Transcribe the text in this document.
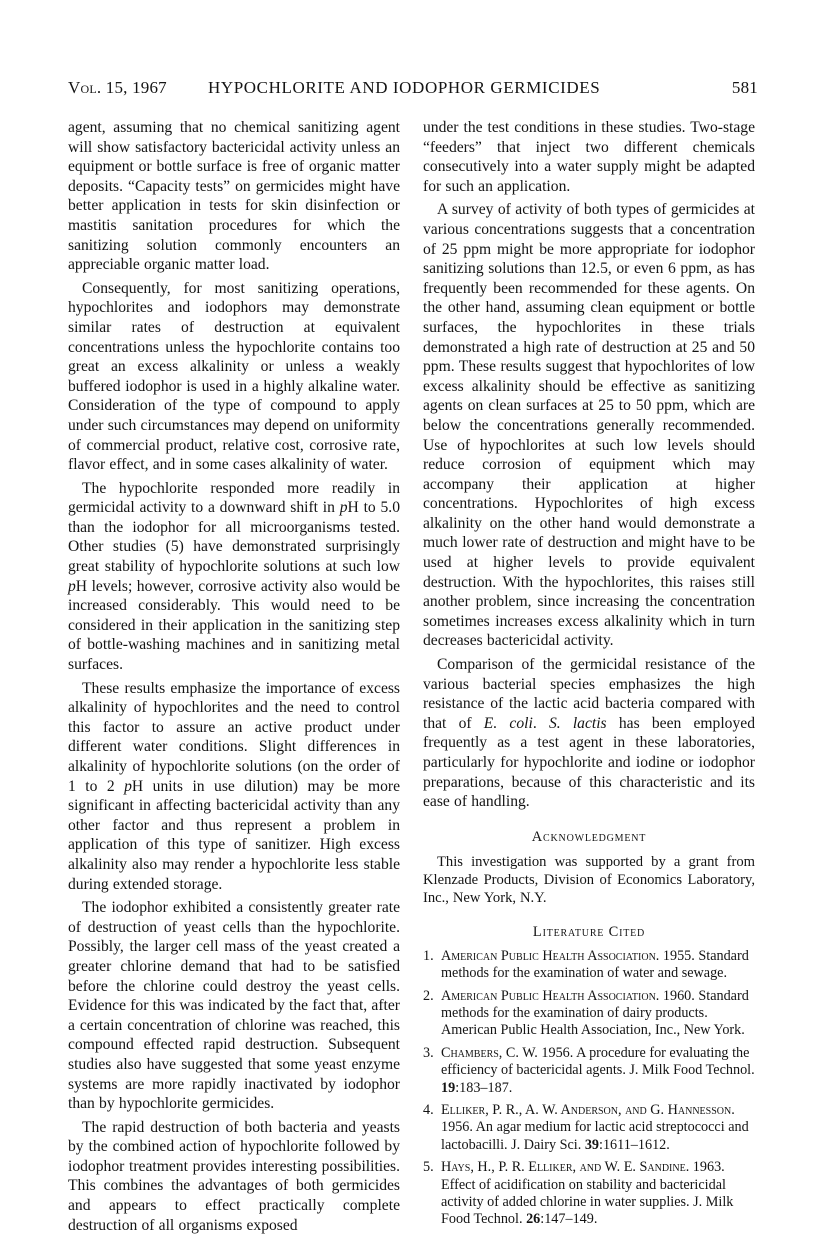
Vol. 15, 1967 HYPOCHLORITE AND IODOPHOR GERMICIDES	581

agent, assuming that no chemical sanitizing agent will show satisfactory bactericidal activity unless an equipment or bottle surface is free of organic matter deposits. “Capacity tests” on germicides might have better application in tests for skin disinfection or mastitis sanitation procedures for which the sanitizing solution commonly encounters an appreciable organic matter load.

Consequently, for most sanitizing operations, hypochlorites and iodophors may demonstrate similar rates of destruction at equivalent concentrations unless the hypochlorite contains too great an excess alkalinity or unless a weakly buffered iodophor is used in a highly alkaline water. Consideration of the type of compound to apply under such circumstances may depend on uniformity of commercial product, relative cost, corrosive rate, flavor effect, and in some cases alkalinity of water.

The hypochlorite responded more readily in germicidal activity to a downward shift in pH to 5.0 than the iodophor for all microorganisms tested. Other studies (5) have demonstrated surprisingly great stability of hypochlorite solutions at such low pH levels; however, corrosive activity also would be increased considerably. This would need to be considered in their application in the sanitizing step of bottle-washing machines and in sanitizing metal surfaces.

These results emphasize the importance of excess alkalinity of hypochlorites and the need to control this factor to assure an active product under different water conditions. Slight differences in alkalinity of hypochlorite solutions (on the order of 1 to 2 pH units in use dilution) may be more significant in affecting bactericidal activity than any other factor and thus represent a problem in application of this type of sanitizer. High excess alkalinity also may render a hypochlorite less stable during extended storage.

The iodophor exhibited a consistently greater rate of destruction of yeast cells than the hypochlorite. Possibly, the larger cell mass of the yeast created a greater chlorine demand that had to be satisfied before the chlorine could destroy the yeast cells. Evidence for this was indicated by the fact that, after a certain concentration of chlorine was reached, this compound effected rapid destruction. Subsequent studies also have suggested that some yeast enzyme systems are more rapidly inactivated by iodophor than by hypochlorite germicides.

The rapid destruction of both bacteria and yeasts by the combined action of hypochlorite followed by iodophor treatment provides interesting possibilities. This combines the advantages of both germicides and appears to effect practically complete destruction of all organisms exposed

under the test conditions in these studies. Two-stage “feeders” that inject two different chemicals consecutively into a water supply might be adapted for such an application.

A survey of activity of both types of germicides at various concentrations suggests that a concentration of 25 ppm might be more appropriate for iodophor sanitizing solutions than 12.5, or even 6 ppm, as has frequently been recommended for these agents. On the other hand, assuming clean equipment or bottle surfaces, the hypochlorites in these trials demonstrated a high rate of destruction at 25 and 50 ppm. These results suggest that hypochlorites of low excess alkalinity should be effective as sanitizing agents on clean surfaces at 25 to 50 ppm, which are below the concentrations generally recommended. Use of hypochlorites at such low levels should reduce corrosion of equipment which may accompany their application at higher concentrations. Hypochlorites of high excess alkalinity on the other hand would demonstrate a much lower rate of destruction and might have to be used at higher levels to provide equivalent destruction. With the hypochlorites, this raises still another problem, since increasing the concentration sometimes increases excess alkalinity which in turn decreases bactericidal activity.

Comparison of the germicidal resistance of the various bacterial species emphasizes the high resistance of the lactic acid bacteria compared with that of E. coli. S. lactis has been employed frequently as a test agent in these laboratories, particularly for hypochlorite and iodine or iodophor preparations, because of this characteristic and its ease of handling.

Acknowledgment

This investigation was supported by a grant from Klenzade Products, Division of Economics Laboratory, Inc., New York, N.Y.

Literature Cited
1. American Public Health Association. 1955. Standard methods for the examination of water and sewage.
2. American Public Health Association. 1960. Standard methods for the examination of dairy products. American Public Health Association, Inc., New York.
3. Chambers, C. W. 1956. A procedure for evaluating the efficiency of bactericidal agents. J. Milk Food Technol. 19:183–187.
4. Elliker, P. R., A. W. Anderson, and G. Hannesson. 1956. An agar medium for lactic acid streptococci and lactobacilli. J. Dairy Sci. 39:1611–1612.
5. Hays, H., P. R. Elliker, and W. E. Sandine. 1963. Effect of acidification on stability and bactericidal activity of added chlorine in water supplies. J. Milk Food Technol. 26:147–149.
